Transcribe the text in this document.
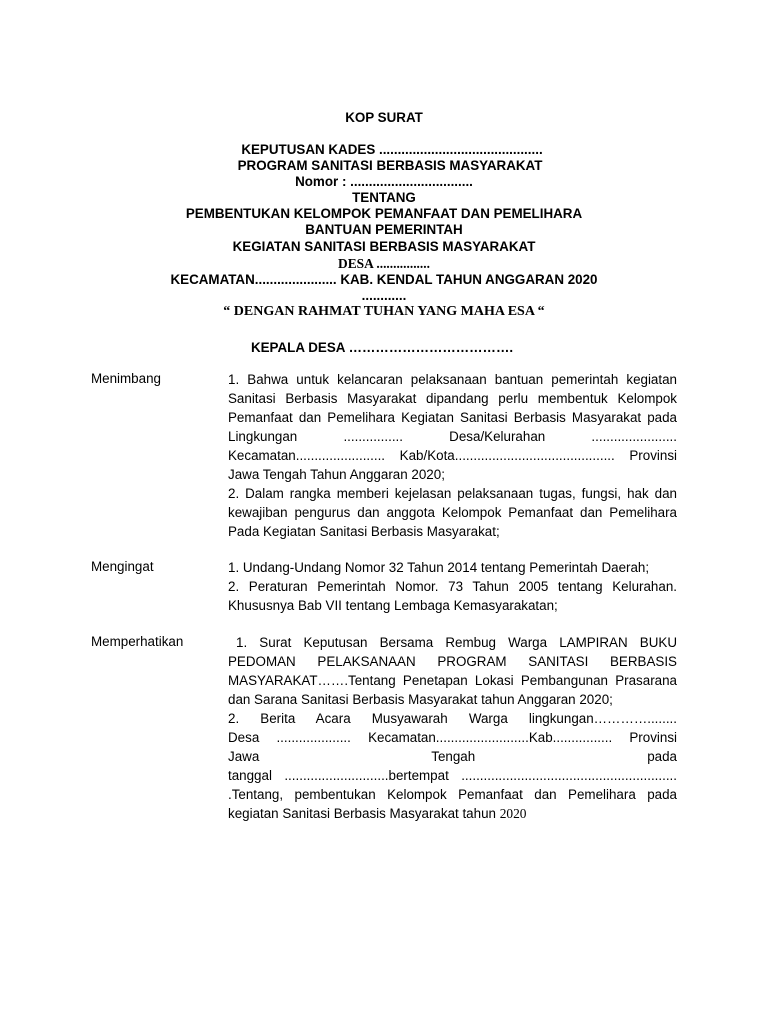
KOP SURAT
KEPUTUSAN KADES ............................................
PROGRAM SANITASI BERBASIS MASYARAKAT
Nomor : .................................
TENTANG
PEMBENTUKAN KELOMPOK PEMANFAAT DAN PEMELIHARA
BANTUAN PEMERINTAH
KEGIATAN SANITASI BERBASIS MASYARAKAT
DESA ................
KECAMATAN...................... KAB. KENDAL TAHUN ANGGARAN 2020
............
“ DENGAN RAHMAT TUHAN YANG MAHA ESA “
KEPALA DESA ……………………………….
Menimbang	1. Bahwa untuk kelancaran pelaksanaan bantuan pemerintah kegiatan
Sanitasi Berbasis Masyarakat dipandang perlu membentuk Kelompok
Pemanfaat dan Pemelihara Kegiatan Sanitasi Berbasis Masyarakat pada
Lingkungan ................ Desa/Kelurahan .......................
Kecamatan........................ Kab/Kota........................................... Provinsi
Jawa Tengah Tahun Anggaran 2020;
2. Dalam rangka memberi kejelasan pelaksanaan tugas, fungsi, hak dan
kewajiban pengurus dan anggota Kelompok Pemanfaat dan Pemelihara
Pada Kegiatan Sanitasi Berbasis Masyarakat;
Mengingat	1. Undang-Undang Nomor 32 Tahun 2014 tentang Pemerintah Daerah;
2. Peraturan Pemerintah Nomor. 73 Tahun 2005 tentang Kelurahan.
Khususnya Bab VII tentang Lembaga Kemasyarakatan;
Memperhatikan	1. Surat Keputusan Bersama Rembug Warga LAMPIRAN BUKU
PEDOMAN PELAKSANAAN PROGRAM SANITASI BERBASIS
MASYARAKAT…….Tentang Penetapan Lokasi Pembangunan Prasarana
dan Sarana Sanitasi Berbasis Masyarakat tahun Anggaran 2020;
2. Berita Acara Musyawarah Warga lingkungan…………........
Desa .................... Kecamatan.........................Kab................ Provinsi
Jawa	Tengah	pada
tanggal ............................bertempat ..........................................................
.Tentang, pembentukan Kelompok Pemanfaat dan Pemelihara pada
kegiatan Sanitasi Berbasis Masyarakat tahun 2020
